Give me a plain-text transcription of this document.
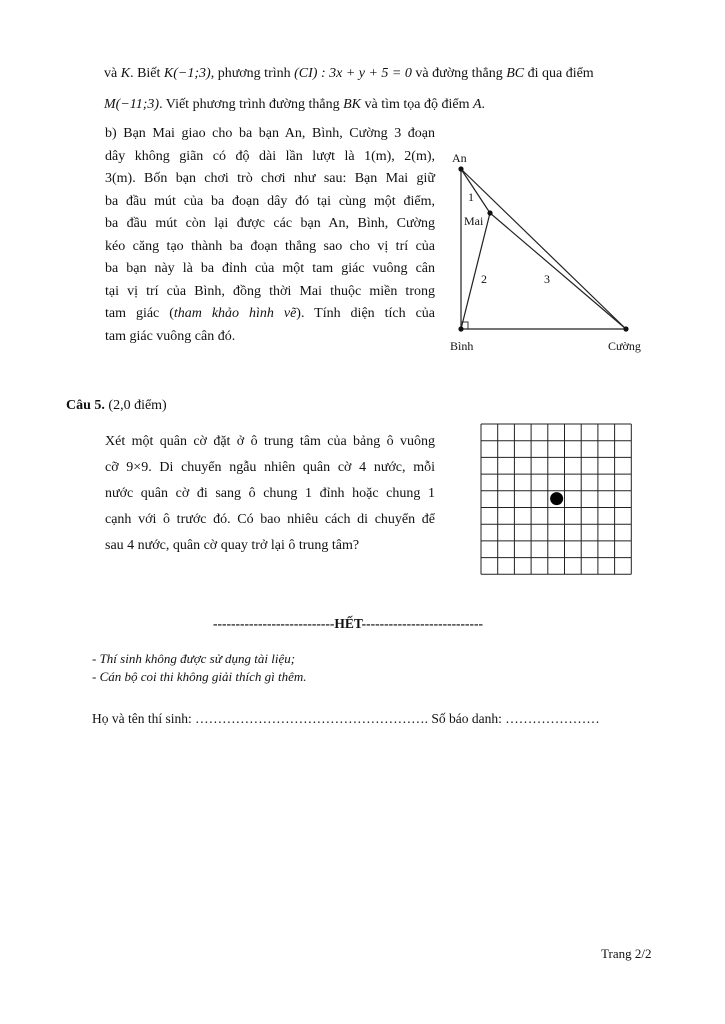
và K. Biết K(−1;3), phương trình (CI) : 3x + y + 5 = 0 và đường thẳng BC đi qua điểm
M(−11;3). Viết phương trình đường thẳng BK và tìm tọa độ điểm A.
b) Bạn Mai giao cho ba bạn An, Bình, Cường 3 đoạn
dây không giãn có độ dài lần lượt là 1(m), 2(m),
3(m). Bốn bạn chơi trò chơi như sau: Bạn Mai giữ
ba đầu mút của ba đoạn dây đó tại cùng một điểm,
ba đầu mút còn lại được các bạn An, Bình, Cường
kéo căng tạo thành ba đoạn thẳng sao cho vị trí của
ba bạn này là ba đỉnh của một tam giác vuông cân
tại vị trí của Bình, đồng thời Mai thuộc miền trong
tam giác (tham khảo hình vẽ). Tính diện tích của
tam giác vuông cân đó.
An
Mai
Bình	Cường
1
2	3
Câu 5. (2,0 điểm)
Xét một quân cờ đặt ở ô trung tâm của bảng ô vuông
cỡ 9×9. Di chuyển ngẫu nhiên quân cờ 4 nước, mỗi
nước quân cờ đi sang ô chung 1 đỉnh hoặc chung 1
cạnh với ô trước đó. Có bao nhiêu cách di chuyển để
sau 4 nước, quân cờ quay trở lại ô trung tâm?
---------------------------HẾT---------------------------
- Thí sinh không được sử dụng tài liệu;
- Cán bộ coi thi không giải thích gì thêm.
Họ và tên thí sinh: ……………………………………………. Số báo danh: …………………
Trang 2/2
